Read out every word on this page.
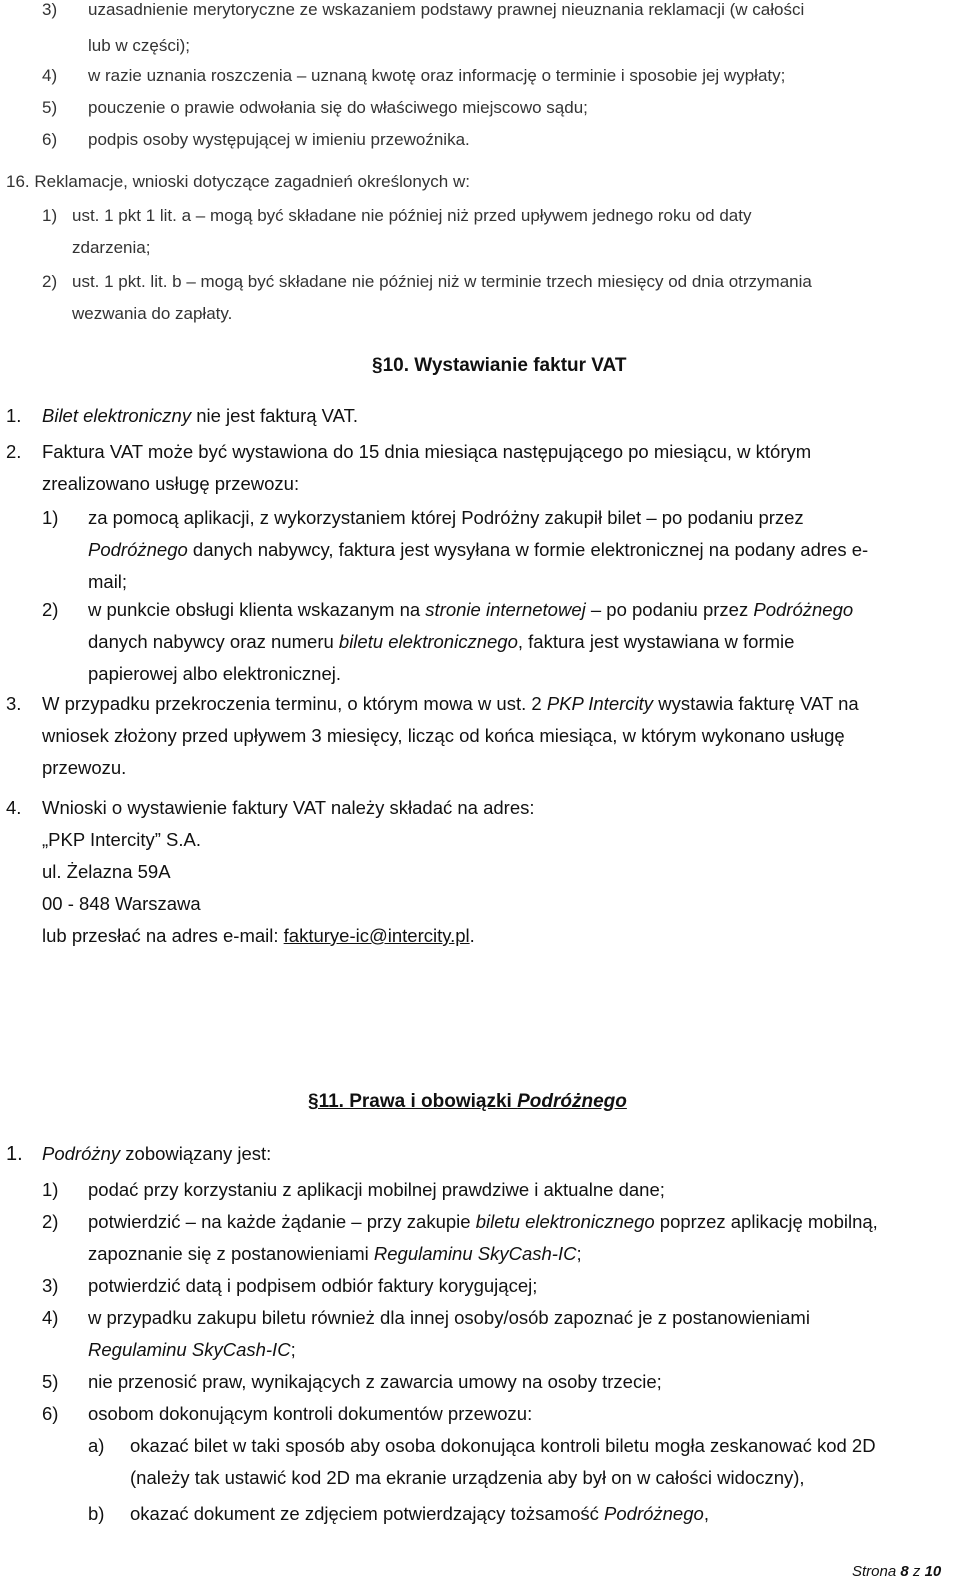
3) uzasadnienie merytoryczne ze wskazaniem podstawy prawnej nieuznania reklamacji (w całości
lub w części);
4) w razie uznania roszczenia – uznaną kwotę oraz informację o terminie i sposobie jej wypłaty;
5) pouczenie o prawie odwołania się do właściwego miejscowo sądu;
6) podpis osoby występującej w imieniu przewoźnika.
16. Reklamacje, wnioski dotyczące zagadnień określonych w:
1) ust. 1 pkt 1 lit. a – mogą być składane nie później niż przed upływem jednego roku od daty
zdarzenia;
2) ust. 1 pkt. lit. b – mogą być składane nie później niż w terminie trzech miesięcy od dnia otrzymania
wezwania do zapłaty.
§10. Wystawianie faktur VAT
1. Bilet elektroniczny nie jest fakturą VAT.
2. Faktura VAT może być wystawiona do 15 dnia miesiąca następującego po miesiącu, w którym
zrealizowano usługę przewozu:
1) za pomocą aplikacji, z wykorzystaniem której Podróżny zakupił bilet – po podaniu przez
Podróżnego danych nabywcy, faktura jest wysyłana w formie elektronicznej na podany adres e-
mail;
2) w punkcie obsługi klienta wskazanym na stronie internetowej – po podaniu przez Podróżnego
danych nabywcy oraz numeru biletu elektronicznego, faktura jest wystawiana w formie
papierowej albo elektronicznej.
3. W przypadku przekroczenia terminu, o którym mowa w ust. 2 PKP Intercity wystawia fakturę VAT na
wniosek złożony przed upływem 3 miesięcy, licząc od końca miesiąca, w którym wykonano usługę
przewozu.
4. Wnioski o wystawienie faktury VAT należy składać na adres:
„PKP Intercity” S.A.
ul. Żelazna 59A
00 - 848 Warszawa
lub przesłać na adres e-mail: fakturye-ic@intercity.pl.
§11. Prawa i obowiązki Podróżnego
1. Podróżny zobowiązany jest:
1) podać przy korzystaniu z aplikacji mobilnej prawdziwe i aktualne dane;
2) potwierdzić – na każde żądanie – przy zakupie biletu elektronicznego poprzez aplikację mobilną,
zapoznanie się z postanowieniami Regulaminu SkyCash-IC;
3) potwierdzić datą i podpisem odbiór faktury korygującej;
4) w przypadku zakupu biletu również dla innej osoby/osób zapoznać je z postanowieniami
Regulaminu SkyCash-IC;
5) nie przenosić praw, wynikających z zawarcia umowy na osoby trzecie;
6) osobom dokonującym kontroli dokumentów przewozu:
a) okazać bilet w taki sposób aby osoba dokonująca kontroli biletu mogła zeskanować kod 2D
(należy tak ustawić kod 2D ma ekranie urządzenia aby był on w całości widoczny),
b) okazać dokument ze zdjęciem potwierdzający tożsamość Podróżnego,
Strona 8 z 10
